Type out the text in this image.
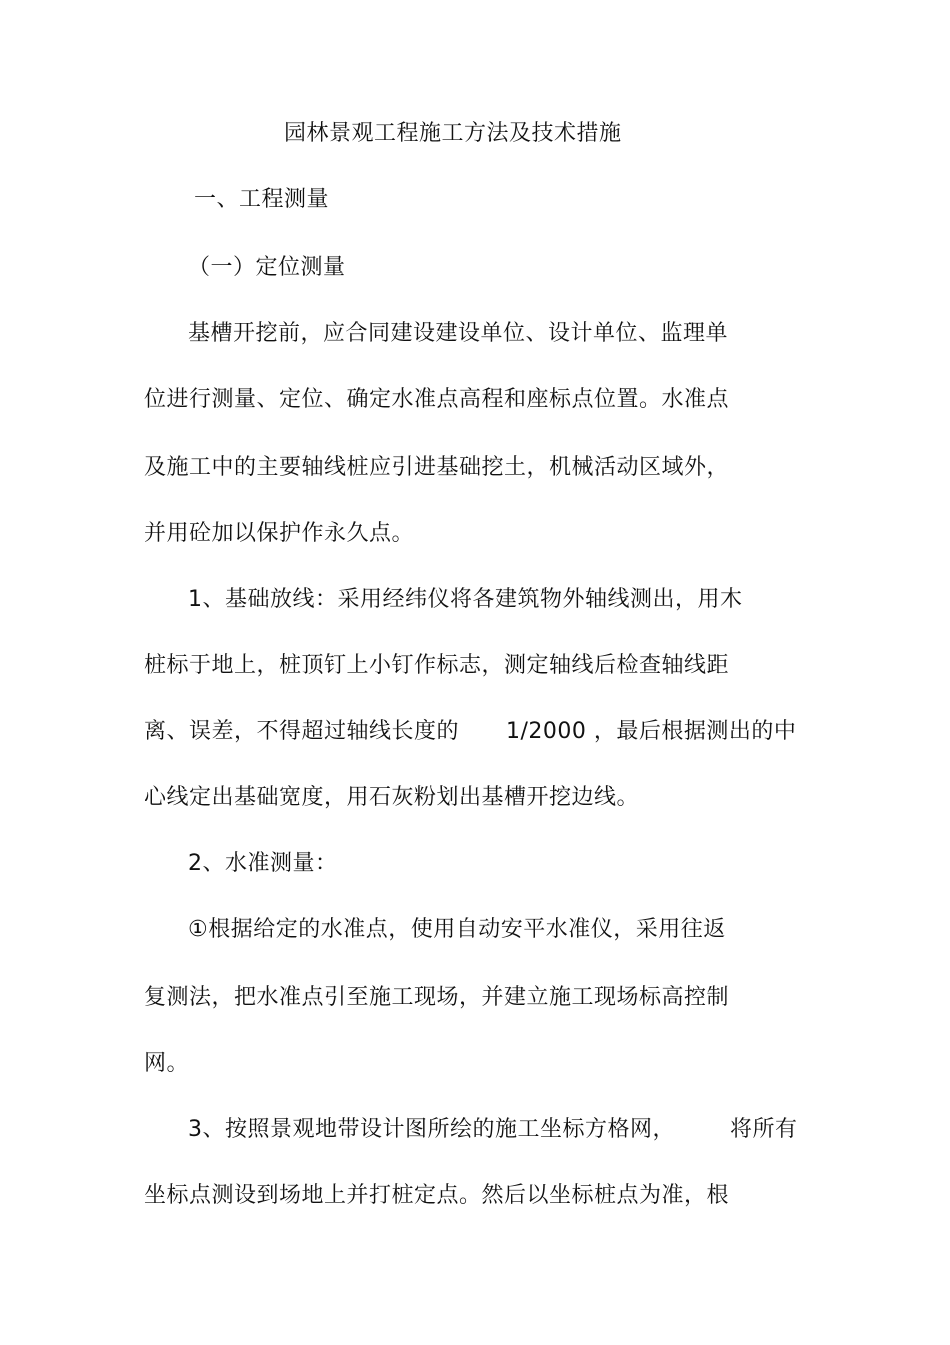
园林景观工程施工方法及技术措施
一、工程测量
（一）定位测量
基槽开挖前，应合同建设建设单位、设计单位、监理单
位进行测量、定位、确定水准点高程和座标点位置。水准点
及施工中的主要轴线桩应引进基础挖土，机械活动区域外，
并用砼加以保护作永久点。
1、基础放线：采用经纬仪将各建筑物外轴线测出，用木
桩标于地上，桩顶钉上小钉作标志，测定轴线后检查轴线距
离、误差，不得超过轴线长度的 1/2000 ，最后根据测出的中
心线定出基础宽度，用石灰粉划出基槽开挖边线。
2、水准测量：
①根据给定的水准点，使用自动安平水准仪，采用往返
复测法，把水准点引至施工现场，并建立施工现场标高控制
网。
3、按照景观地带设计图所绘的施工坐标方格网，	将所有
坐标点测设到场地上并打桩定点。然后以坐标桩点为准，根
